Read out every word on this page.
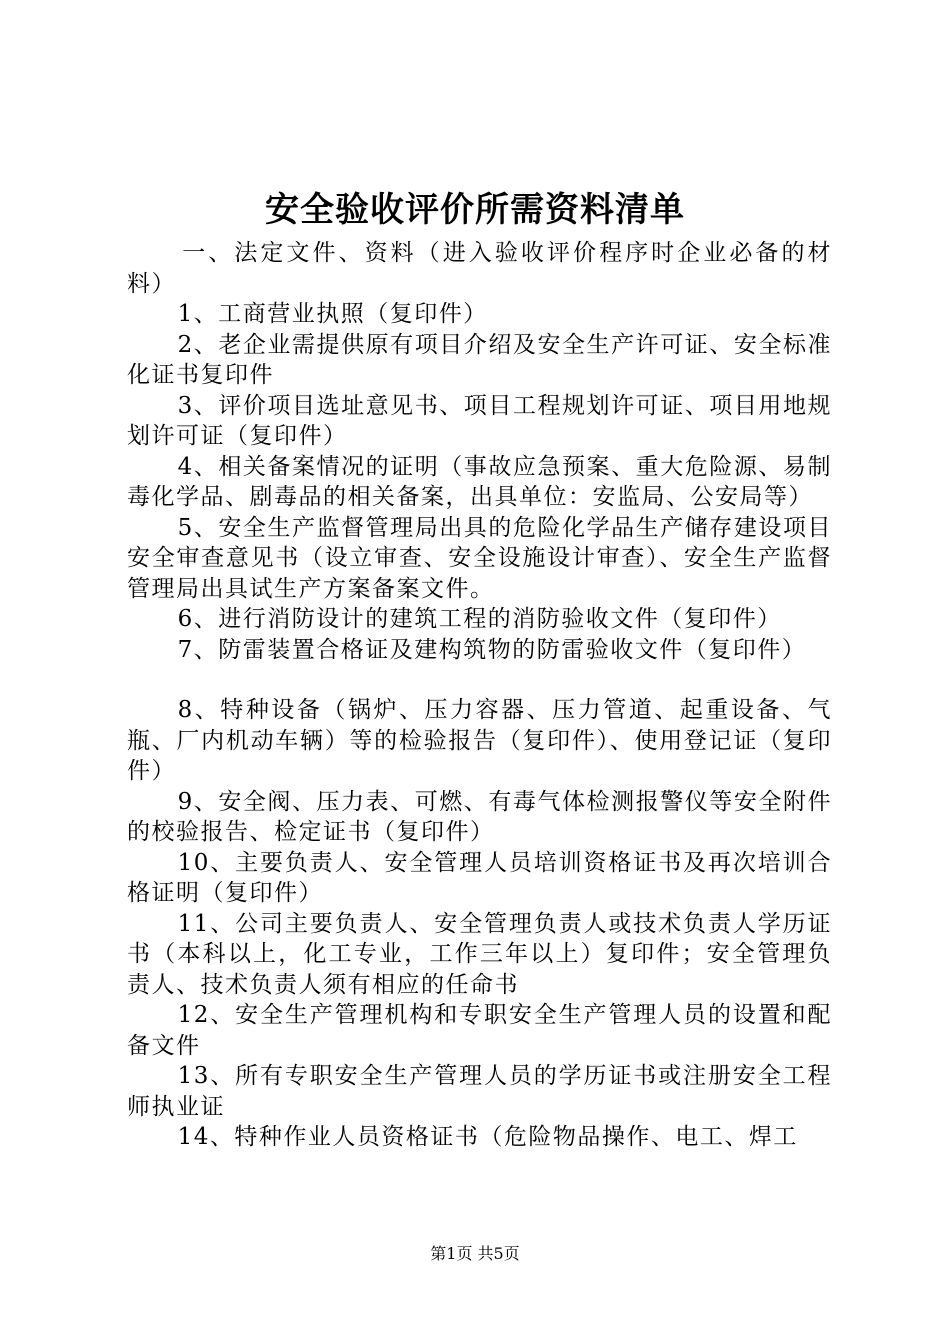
安全验收评价所需资料清单

一、法定文件、资料（进入验收评价程序时企业必备的材料）

1、工商营业执照（复印件）

2、老企业需提供原有项目介绍及安全生产许可证、安全标准化证书复印件

3、评价项目选址意见书、项目工程规划许可证、项目用地规划许可证（复印件）

4、相关备案情况的证明（事故应急预案、重大危险源、易制毒化学品、剧毒品的相关备案，出具单位：安监局、公安局等）

5、安全生产监督管理局出具的危险化学品生产储存建设项目安全审查意见书（设立审查、安全设施设计审查）、安全生产监督管理局出具试生产方案备案文件。

6、进行消防设计的建筑工程的消防验收文件（复印件）

7、防雷装置合格证及建构筑物的防雷验收文件（复印件）

8、特种设备（锅炉、压力容器、压力管道、起重设备、气瓶、厂内机动车辆）等的检验报告（复印件）、使用登记证（复印件）

9、安全阀、压力表、可燃、有毒气体检测报警仪等安全附件的校验报告、检定证书（复印件）

10、主要负责人、安全管理人员培训资格证书及再次培训合格证明（复印件）

11、公司主要负责人、安全管理负责人或技术负责人学历证书（本科以上，化工专业，工作三年以上）复印件；安全管理负责人、技术负责人须有相应的任命书

12、安全生产管理机构和专职安全生产管理人员的设置和配备文件

13、所有专职安全生产管理人员的学历证书或注册安全工程师执业证

14、特种作业人员资格证书（危险物品操作、电工、焊工

第1页 共5页
